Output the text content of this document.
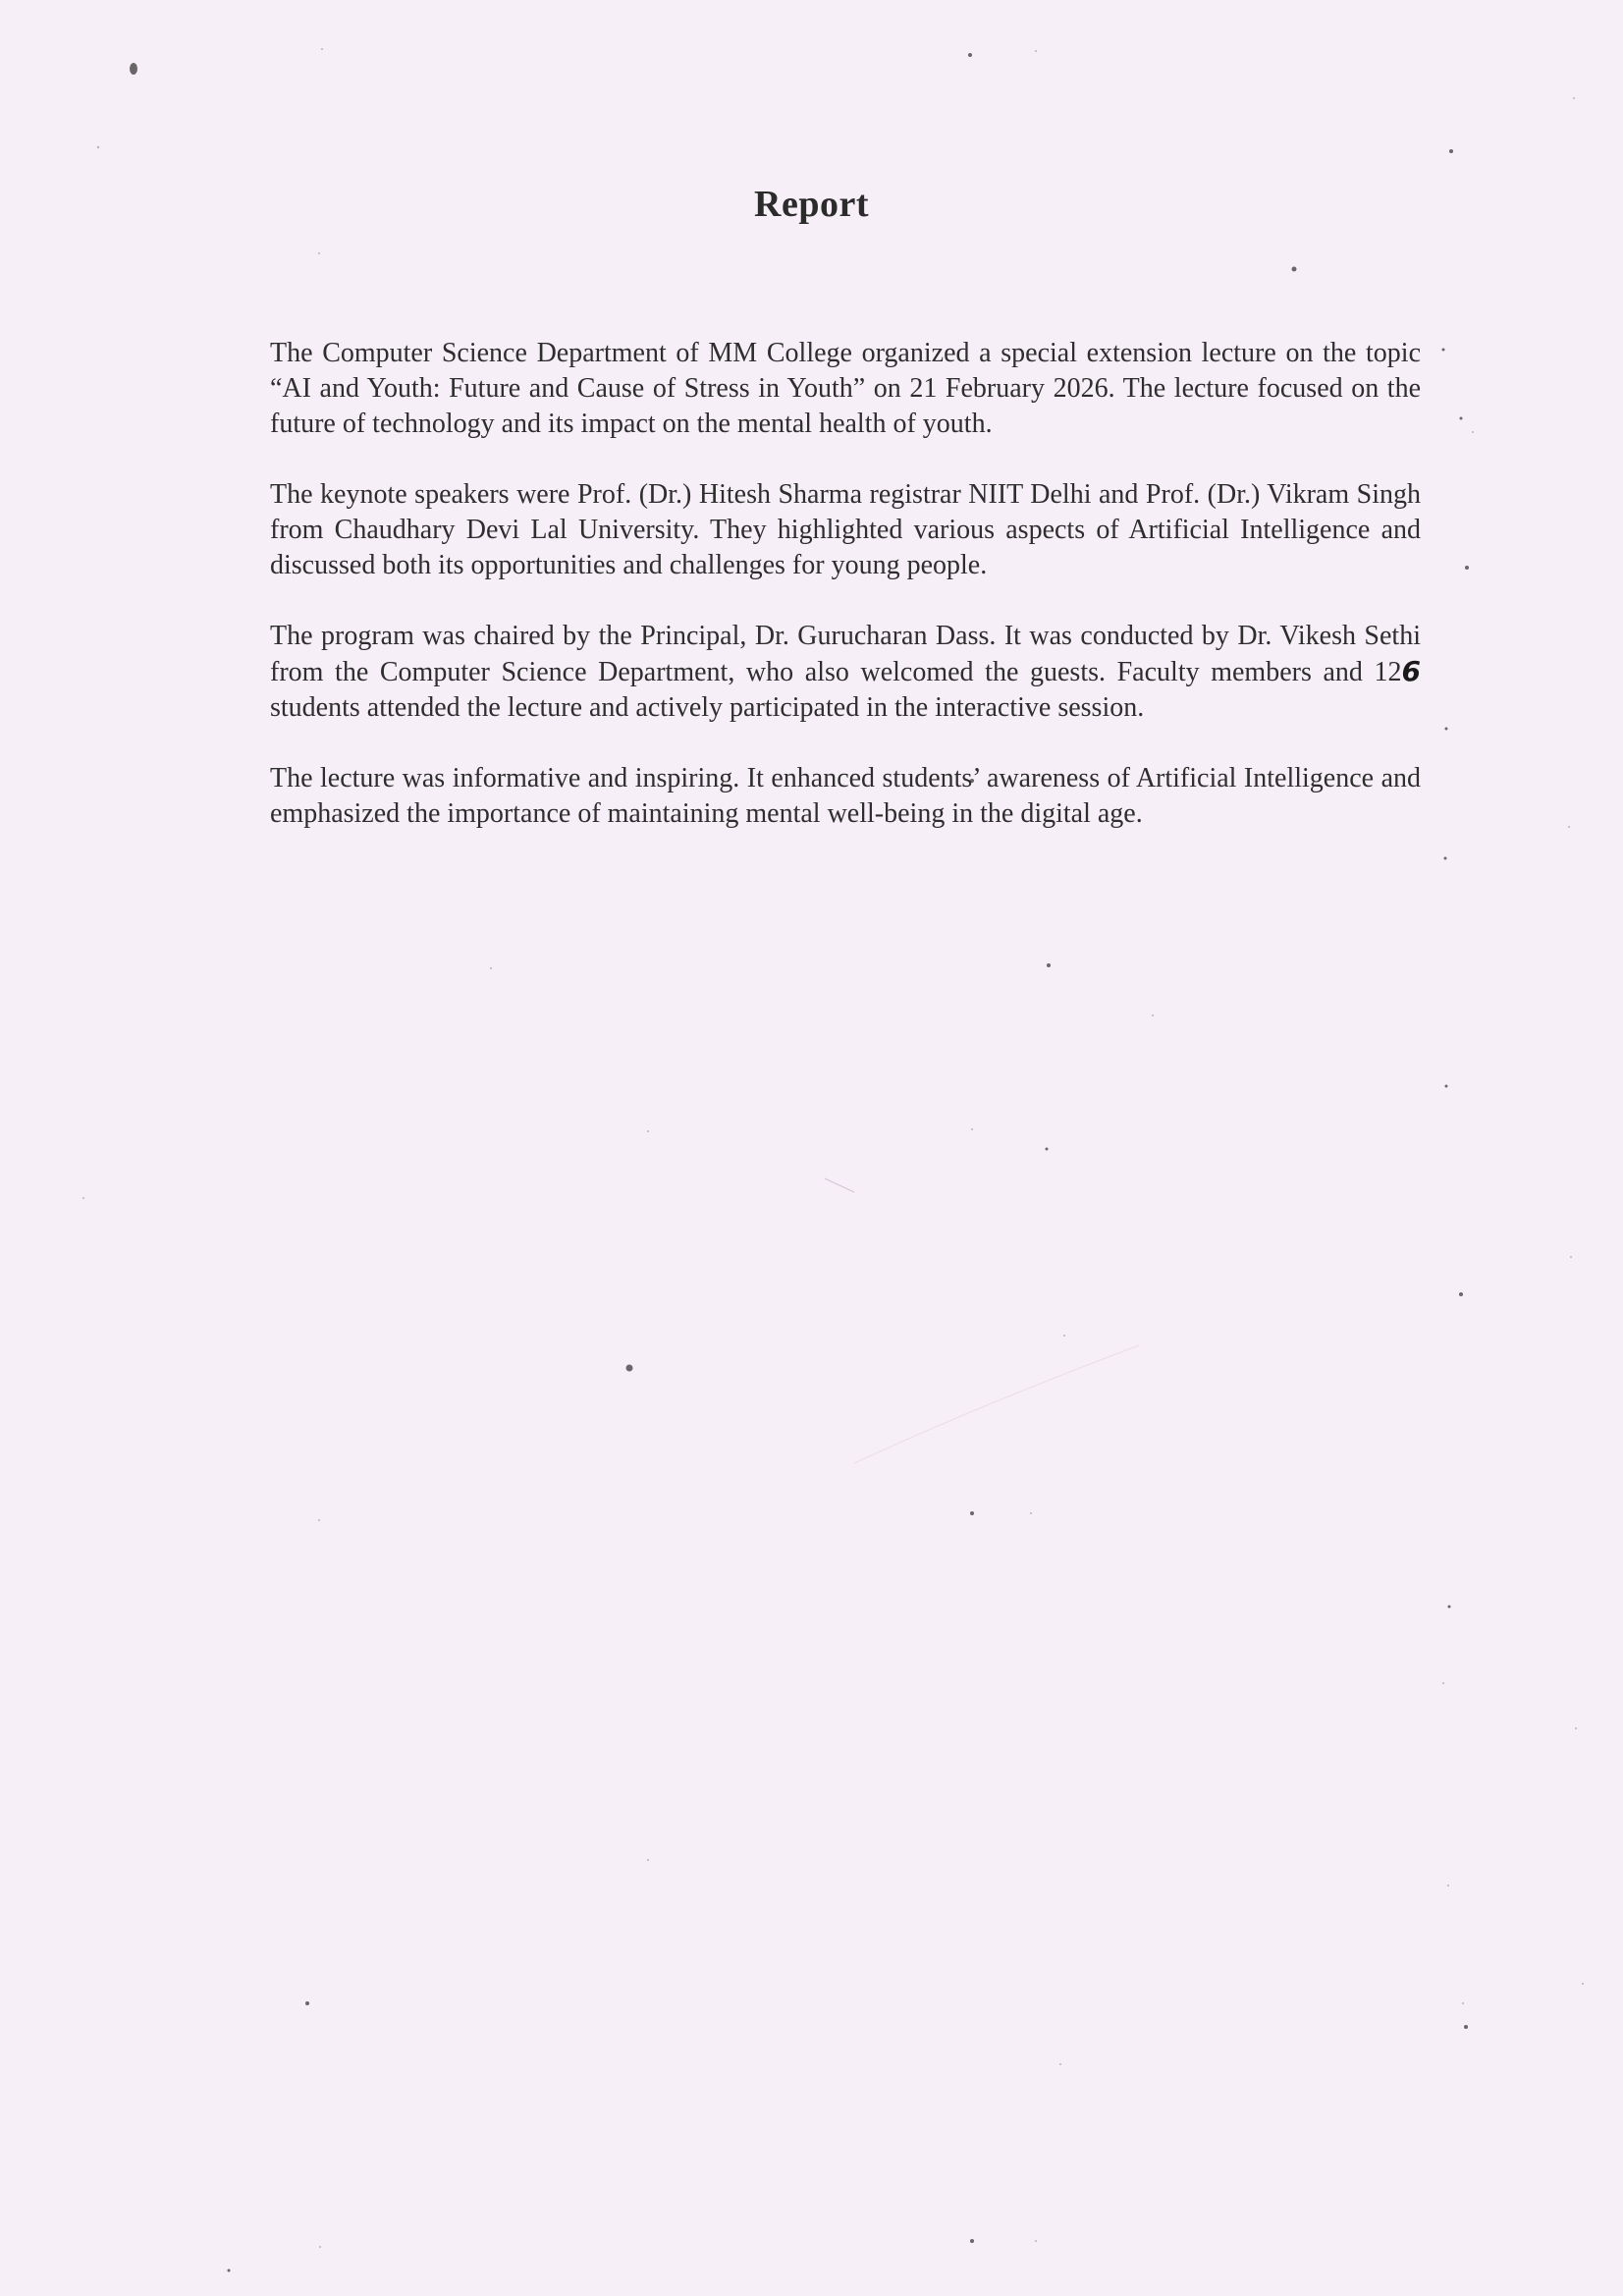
Report

The Computer Science Department of MM College organized a special extension lecture on the topic “AI and Youth: Future and Cause of Stress in Youth” on 21 February 2026. The lecture focused on the future of technology and its impact on the mental health of youth.

The keynote speakers were Prof. (Dr.) Hitesh Sharma registrar NIIT Delhi and Prof. (Dr.) Vikram Singh from Chaudhary Devi Lal University. They highlighted various aspects of Artificial Intelligence and discussed both its opportunities and challenges for young people.

The program was chaired by the Principal, Dr. Gurucharan Dass. It was conducted by Dr. Vikesh Sethi from the Computer Science Department, who also welcomed the guests. Faculty members and 126 students attended the lecture and actively participated in the interactive session.

The lecture was informative and inspiring. It enhanced students’ awareness of Artificial Intelligence and emphasized the importance of maintaining mental well-being in the digital age.
